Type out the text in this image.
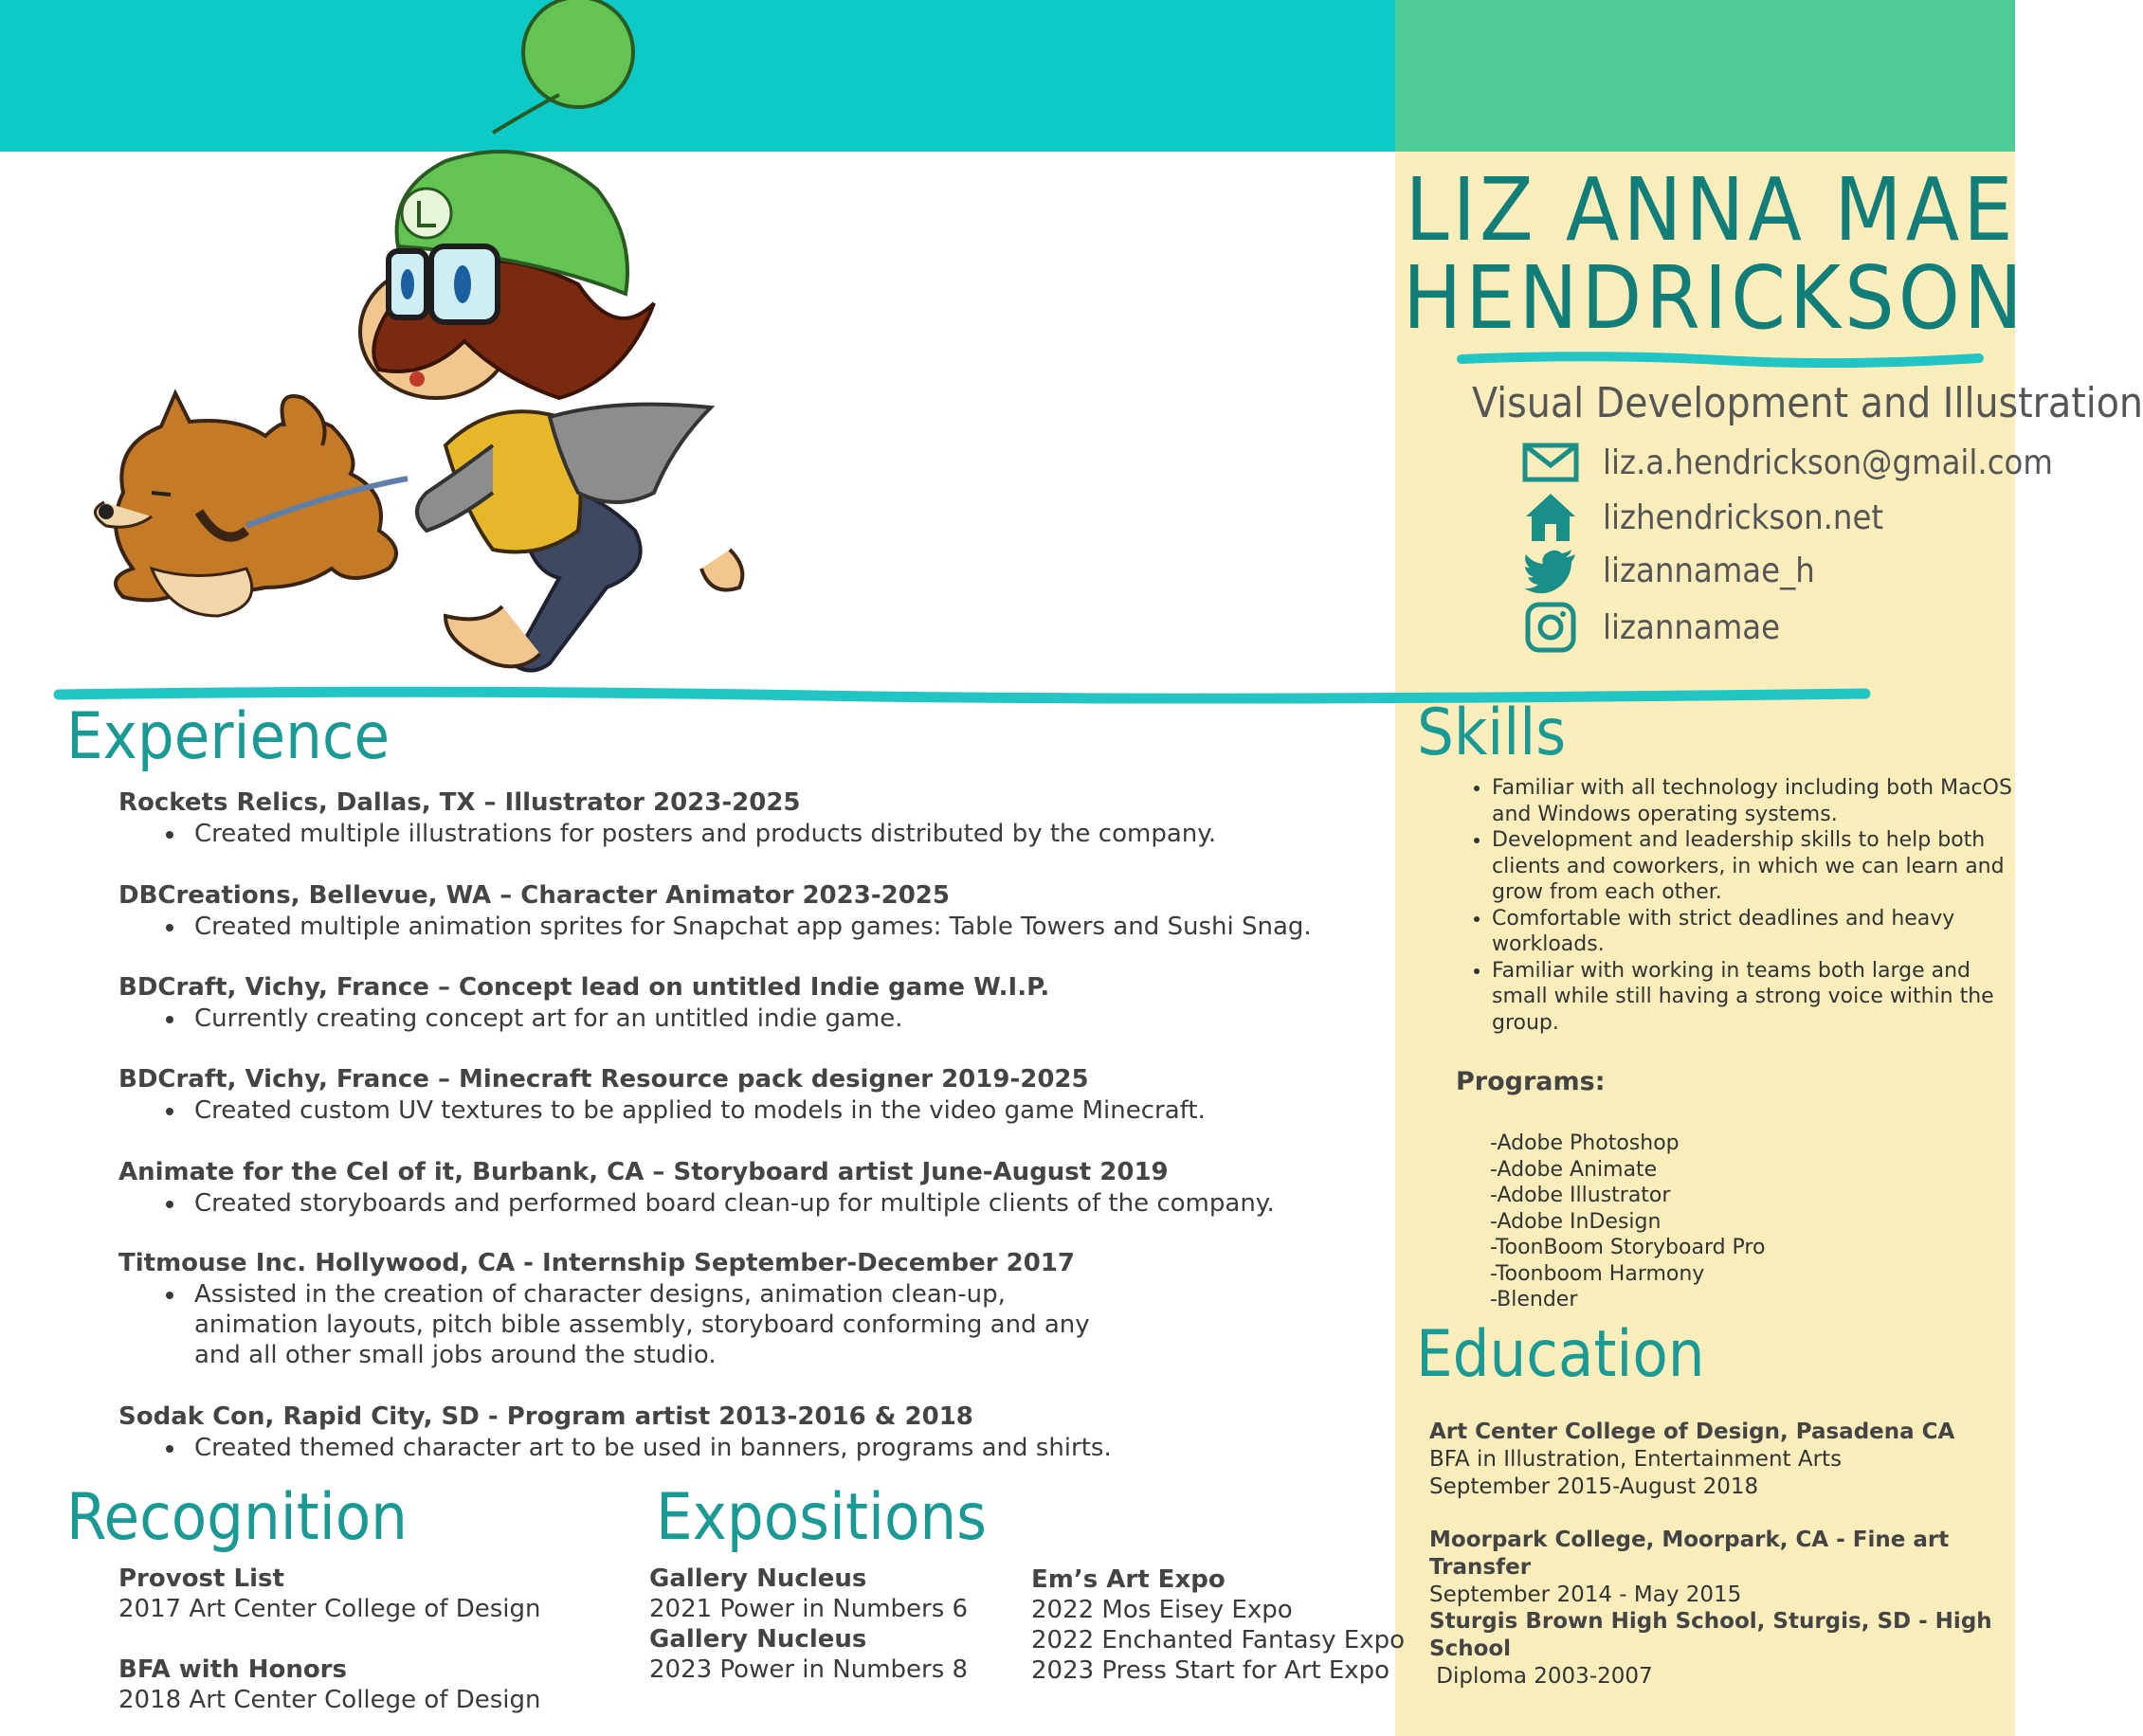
LIZ ANNA MAE
HENDRICKSON
Visual Development and Illustration
liz.a.hendrickson@gmail.com
lizhendrickson.net
lizannamae_h
lizannamae
Experience
Rockets Relics, Dallas, TX – Illustrator 2023-2025
• Created multiple illustrations for posters and products distributed by the company.
DBCreations, Bellevue, WA – Character Animator 2023-2025
• Created multiple animation sprites for Snapchat app games: Table Towers and Sushi Snag.
BDCraft, Vichy, France – Concept lead on untitled Indie game W.I.P.
• Currently creating concept art for an untitled indie game.
BDCraft, Vichy, France – Minecraft Resource pack designer 2019-2025
• Created custom UV textures to be applied to models in the video game Minecraft.
Animate for the Cel of it, Burbank, CA – Storyboard artist June-August 2019
• Created storyboards and performed board clean-up for multiple clients of the company.
Titmouse Inc. Hollywood, CA - Internship September-December 2017
• Assisted in the creation of character designs, animation clean-up, animation layouts, pitch bible assembly, storyboard conforming and any and all other small jobs around the studio.
Sodak Con, Rapid City, SD - Program artist 2013-2016 & 2018
• Created themed character art to be used in banners, programs and shirts.
Recognition
Provost List
2017 Art Center College of Design
BFA with Honors
2018 Art Center College of Design
Expositions
Gallery Nucleus
2021 Power in Numbers 6
Gallery Nucleus
2023 Power in Numbers 8
Em’s Art Expo
2022 Mos Eisey Expo
2022 Enchanted Fantasy Expo
2023 Press Start for Art Expo
Skills
• Familiar with all technology including both MacOS and Windows operating systems.
• Development and leadership skills to help both clients and coworkers, in which we can learn and grow from each other.
• Comfortable with strict deadlines and heavy workloads.
• Familiar with working in teams both large and small while still having a strong voice within the group.
Programs:
-Adobe Photoshop
-Adobe Animate
-Adobe Illustrator
-Adobe InDesign
-ToonBoom Storyboard Pro
-Toonboom Harmony
-Blender
Education
Art Center College of Design, Pasadena CA
BFA in Illustration, Entertainment Arts
September 2015-August 2018
Moorpark College, Moorpark, CA - Fine art Transfer
September 2014 - May 2015
Sturgis Brown High School, Sturgis, SD - High School
Diploma 2003-2007
